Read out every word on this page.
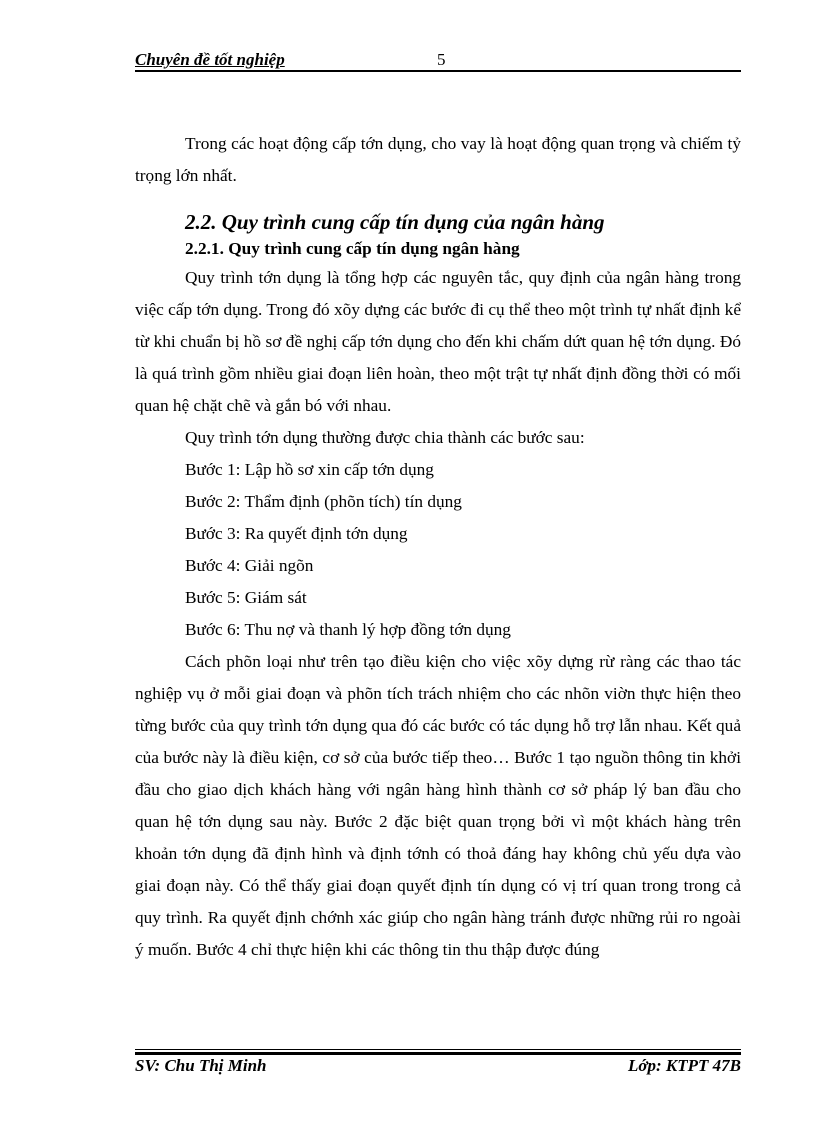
Chuyên đề tốt nghiệp	5

Trong các hoạt động cấp tớn dụng, cho vay là hoạt động quan trọng và chiếm tỷ trọng lớn nhất.

2.2. Quy trình cung cấp tín dụng của ngân hàng
2.2.1. Quy trình cung cấp tín dụng ngân hàng

Quy trình tớn dụng là tổng hợp các nguyên tắc, quy định của ngân hàng trong việc cấp tớn dụng. Trong đó xõy dựng các bước đi cụ thể theo một trình tự nhất định kể từ khi chuẩn bị hồ sơ đề nghị cấp tớn dụng cho đến khi chấm dứt quan hệ tớn dụng. Đó là quá trình gồm nhiều giai đoạn liên hoàn, theo một trật tự nhất định đồng thời có mối quan hệ chặt chẽ và gắn bó với nhau.

Quy trình tớn dụng thường được chia thành các bước sau:

Bước 1: Lập hồ sơ xin cấp tớn dụng

Bước 2: Thẩm định (phõn tích) tín dụng

Bước 3: Ra quyết định tớn dụng

Bước 4: Giải ngõn

Bước 5: Giám sát

Bước 6: Thu nợ và thanh lý hợp đồng tớn dụng

Cách phõn loại như trên tạo điều kiện cho việc xõy dựng rừ ràng các thao tác nghiệp vụ ở mỗi giai đoạn và phõn tích trách nhiệm cho các nhõn viờn thực hiện theo từng bước của quy trình tớn dụng qua đó các bước có tác dụng hỗ trợ lẫn nhau. Kết quả của bước này là điều kiện, cơ sở của bước tiếp theo… Bước 1 tạo nguồn thông tin khởi đầu cho giao dịch khách hàng với ngân hàng hình thành cơ sở pháp lý ban đầu cho quan hệ tớn dụng sau này. Bước 2 đặc biệt quan trọng bởi vì một khách hàng trên khoản tớn dụng đã định hình và định tớnh có thoả đáng hay không chủ yếu dựa vào giai đoạn này. Có thể thấy giai đoạn quyết định tín dụng có vị trí quan trong trong cả quy trình. Ra quyết định chớnh xác giúp cho ngân hàng tránh được những rủi ro ngoài ý muốn. Bước 4 chỉ thực hiện khi các thông tin thu thập được đúng

SV: Chu Thị Minh	Lớp: KTPT 47B
